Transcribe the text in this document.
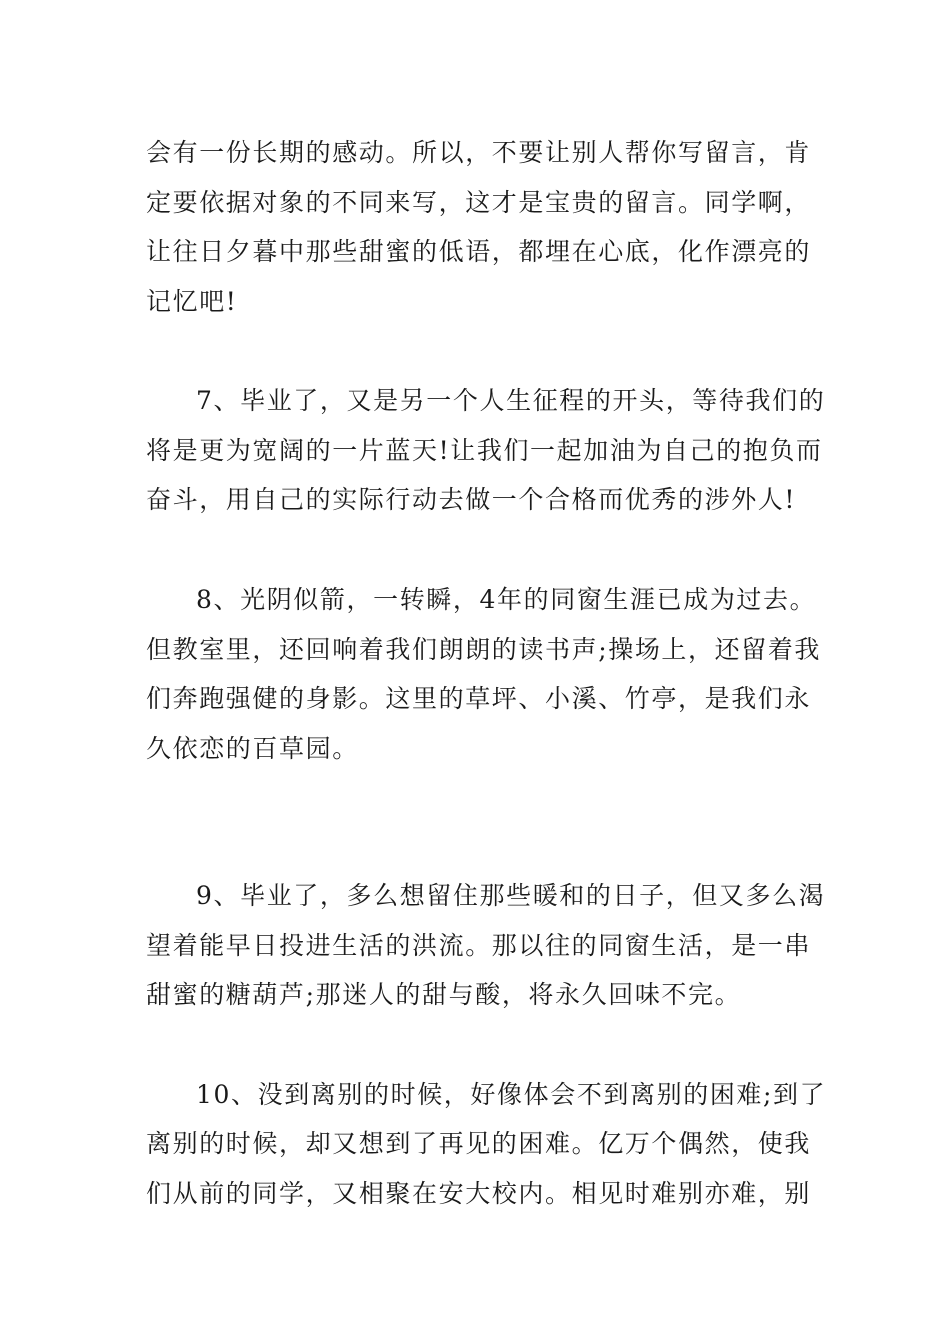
会有一份长期的感动。所以，不要让别人帮你写留言，肯
定要依据对象的不同来写，这才是宝贵的留言。同学啊，
让往日夕暮中那些甜蜜的低语，都埋在心底，化作漂亮的
记忆吧!
7、毕业了，又是另一个人生征程的开头，等待我们的
将是更为宽阔的一片蓝天!让我们一起加油为自己的抱负而
奋斗，用自己的实际行动去做一个合格而优秀的涉外人!
8、光阴似箭，一转瞬，4年的同窗生涯已成为过去。
但教室里，还回响着我们朗朗的读书声;操场上，还留着我
们奔跑强健的身影。这里的草坪、小溪、竹亭，是我们永
久依恋的百草园。
9、毕业了，多么想留住那些暖和的日子，但又多么渴
望着能早日投进生活的洪流。那以往的同窗生活，是一串
甜蜜的糖葫芦;那迷人的甜与酸，将永久回味不完。
10、没到离别的时候，好像体会不到离别的困难;到了
离别的时候，却又想到了再见的困难。亿万个偶然，使我
们从前的同学，又相聚在安大校内。相见时难别亦难，别
